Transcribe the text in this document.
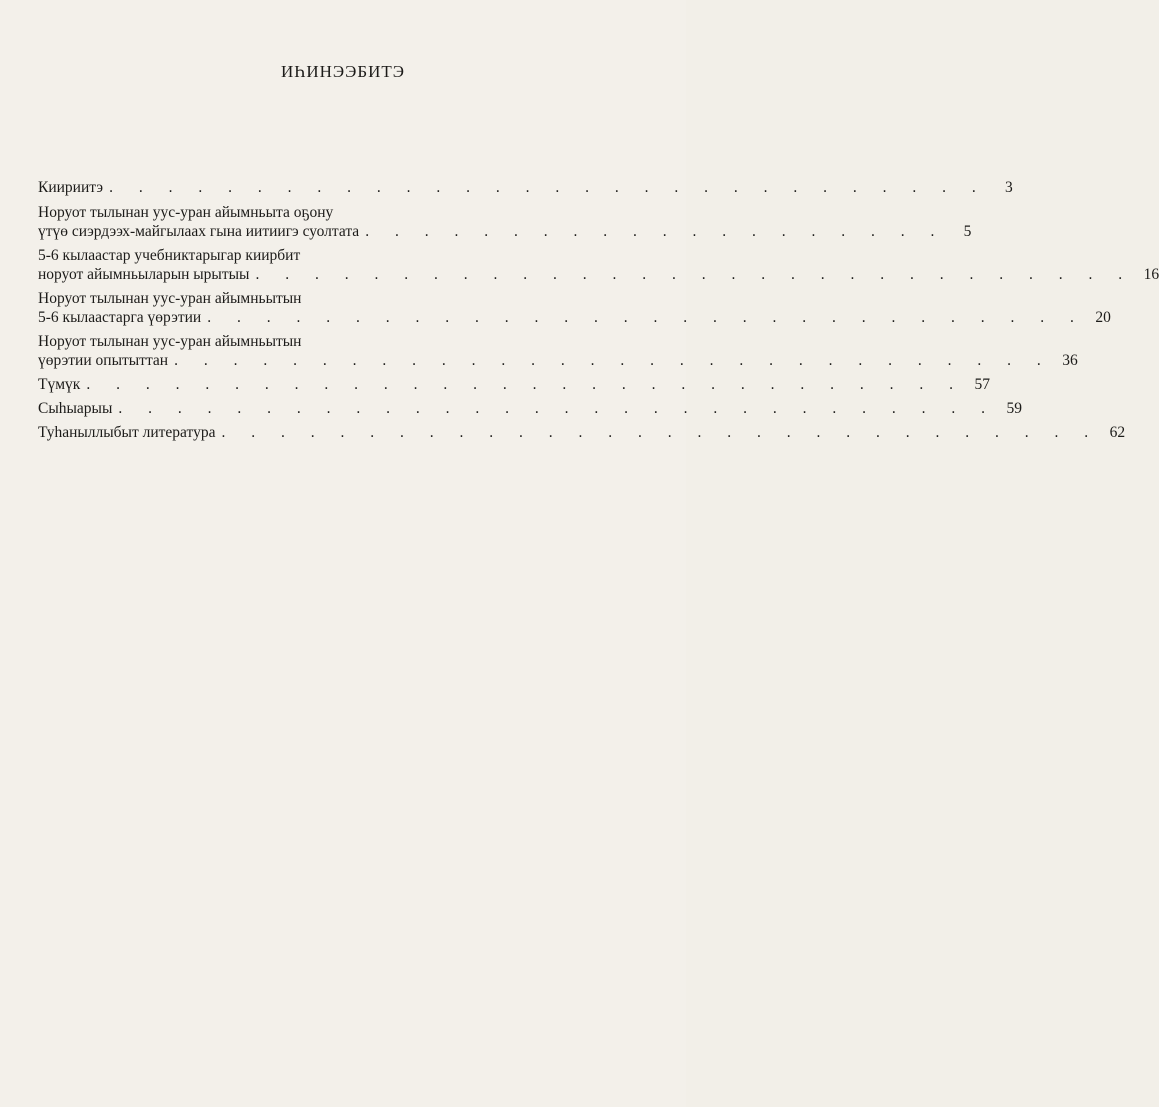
ИҺИНЭЭБИТЭ
Киириитэ . . . . . . . . . . . . . . . . . . . . . . . . . . . . . .	3
Норуот тылынан уус-уран айымньыта оҕону
үтүө сиэрдээх-майгылаах гына иитиигэ суолтата . . . . . . . . . . . . . . . . . . . .	5
5-6 кылаастар учебниктарыгар киирбит
норуот айымньыларын ырытыы . . . . . . . . . . . . . . . . . . . . . . . . . . . . . . 16
Норуот тылынан уус-уран айымньытын
5-6 кылаастарга үөрэтии . . . . . . . . . . . . . . . . . . . . . . . . . . . . . . 20
Норуот тылынан уус-уран айымньытын
үөрэтии опытыттан . . . . . . . . . . . . . . . . . . . . . . . . . . . . . . 36
Түмүк . . . . . . . . . . . . . . . . . . . . . . . . . . . . . . 57
Сыһыарыы . . . . . . . . . . . . . . . . . . . . . . . . . . . . . . 59
Туһаныллыбыт литература . . . . . . . . . . . . . . . . . . . . . . . . . . . . . . 62
